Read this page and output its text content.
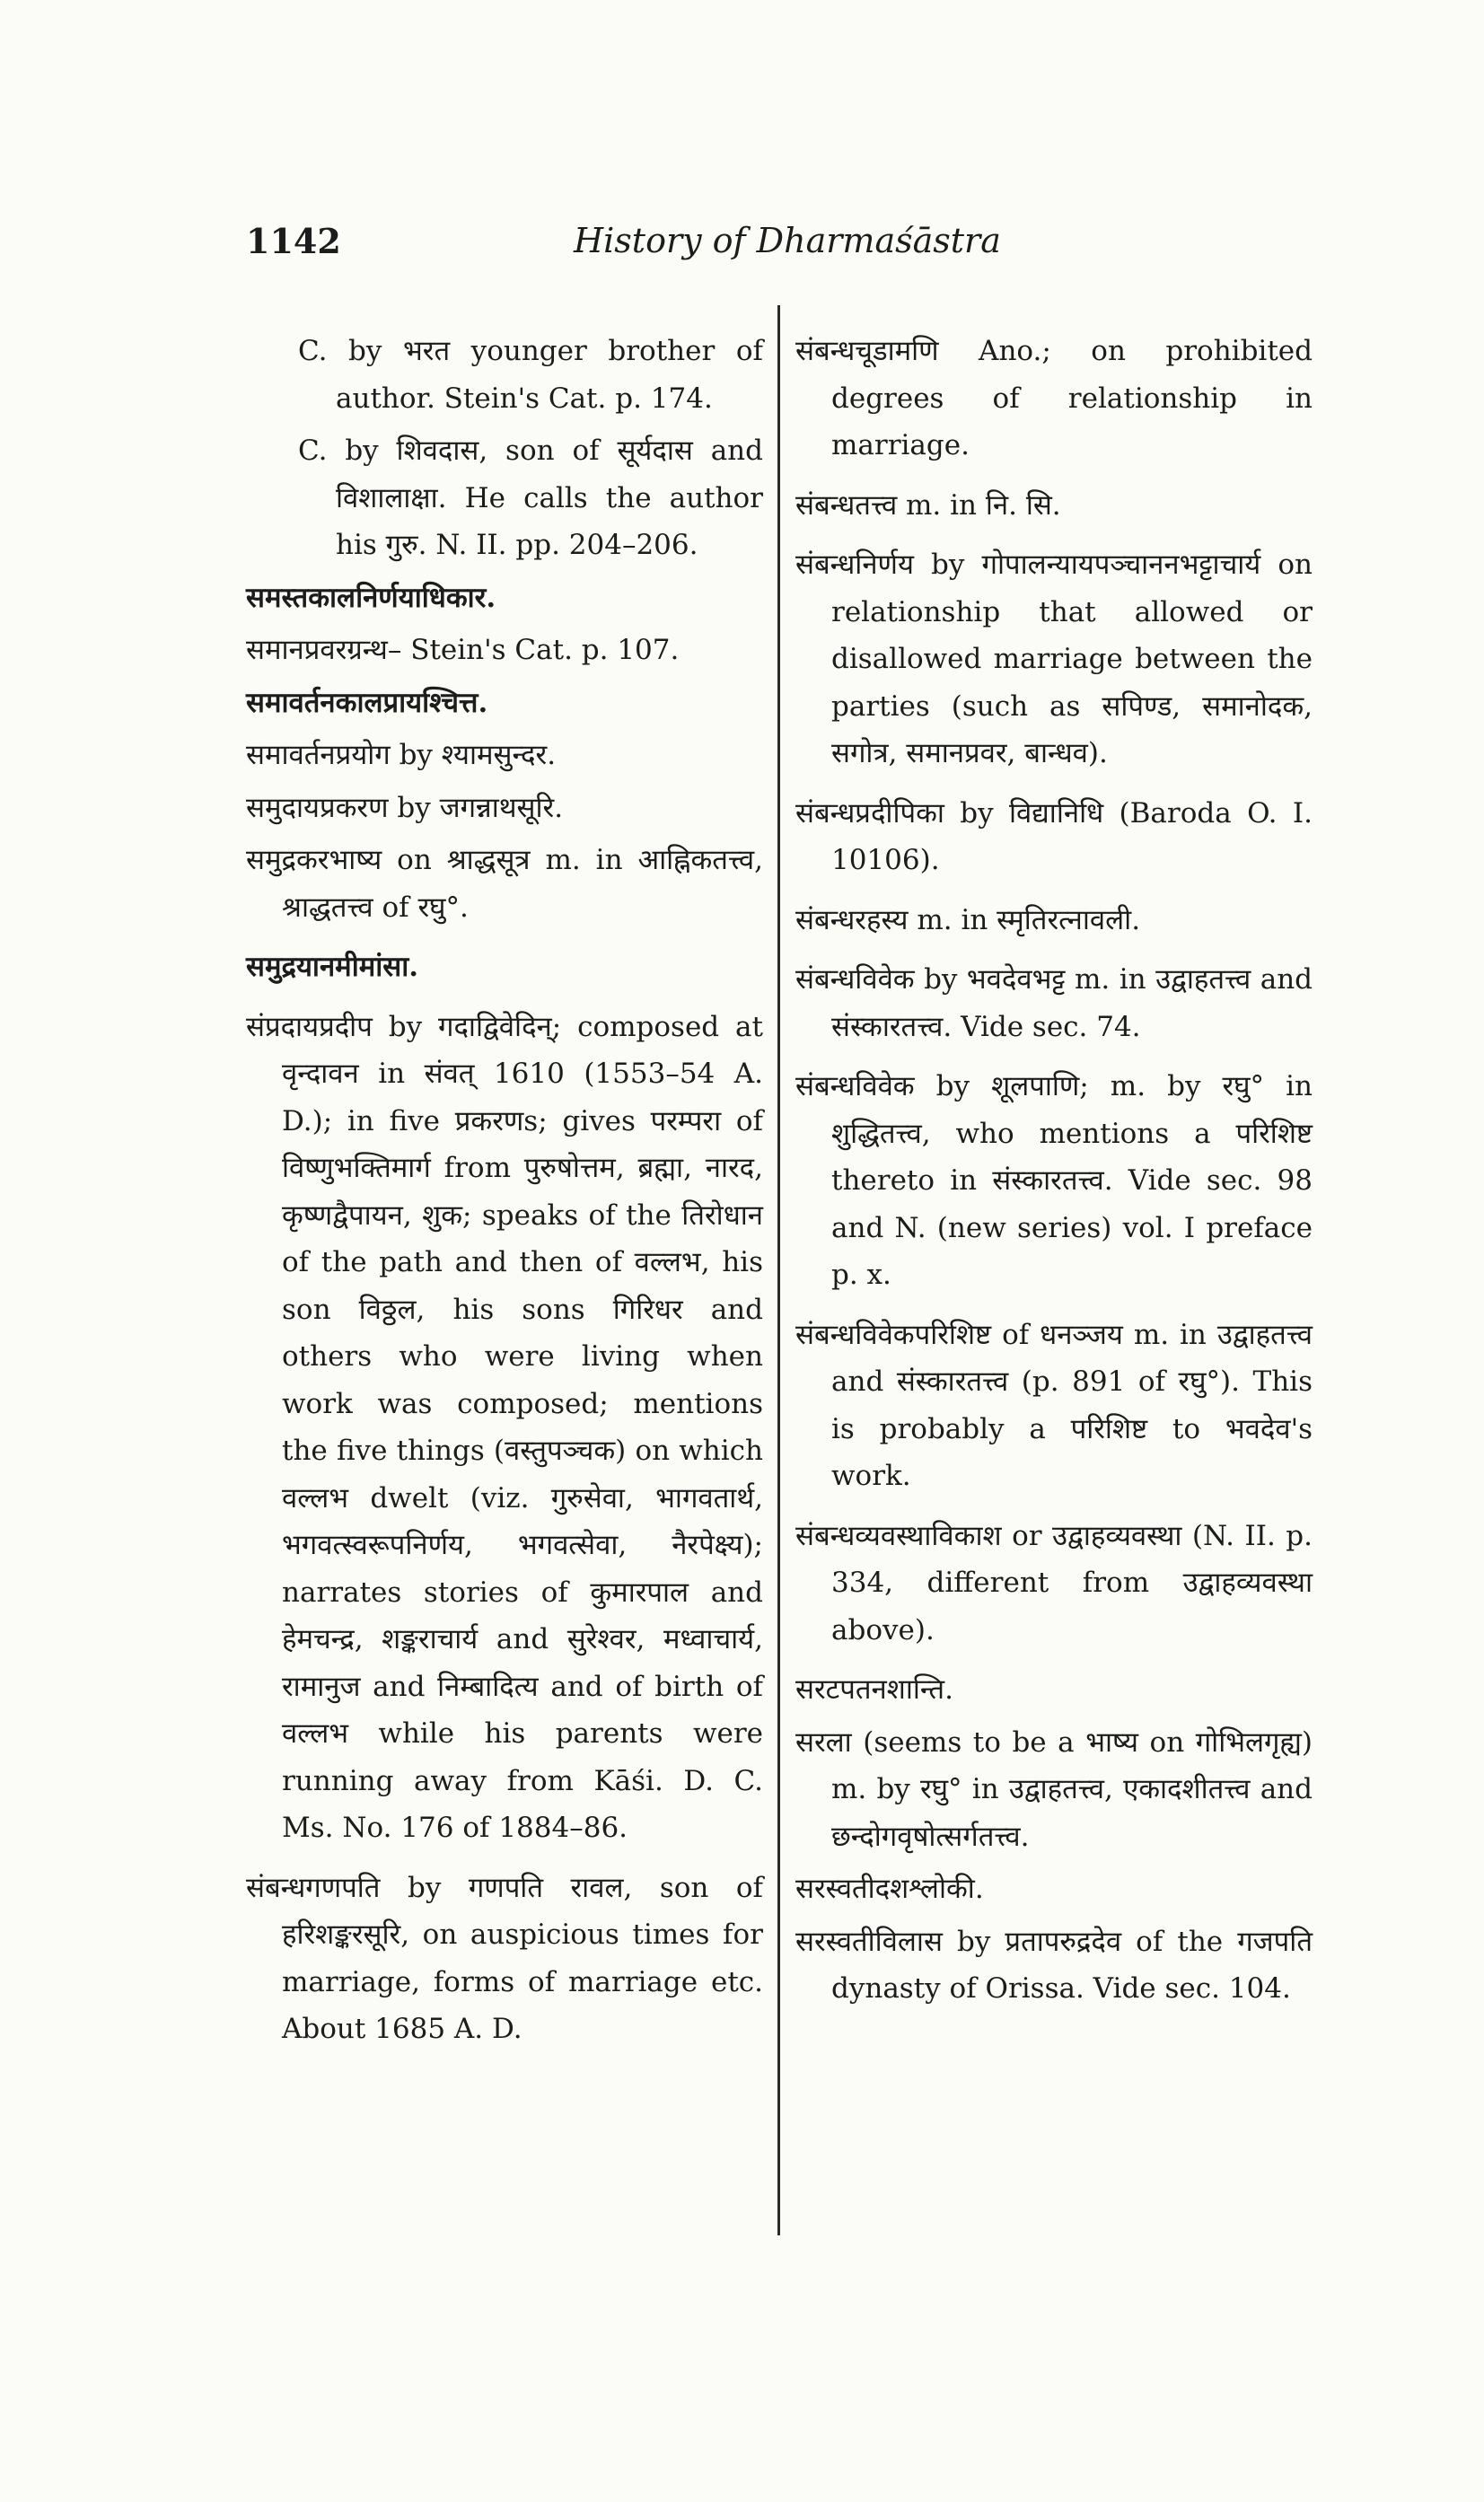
1142	History of Dharmaśāstra

C. by भरत younger brother of author. Stein's Cat. p. 174.

C. by शिवदास, son of सूर्यदास and विशालाक्षा. He calls the author his गुरु. N. II. pp. 204–206.

समस्तकालनिर्णयाधिकार.

समानप्रवरग्रन्थ– Stein's Cat. p. 107.

समावर्तनकालप्रायश्चित्त.

समावर्तनप्रयोग by श्यामसुन्दर.

समुदायप्रकरण by जगन्नाथसूरि.

समुद्रकरभाष्य on श्राद्धसूत्र m. in आह्निकतत्त्व, श्राद्धतत्त्व of रघु°.

समुद्रयानमीमांसा.

संप्रदायप्रदीप by गदाद्विवेदिन्; composed at वृन्दावन in संवत् 1610 (1553–54 A. D.); in five प्रकरणs; gives परम्परा of विष्णुभक्तिमार्ग from पुरुषोत्तम, ब्रह्मा, नारद, कृष्णद्वैपायन, शुक; speaks of the तिरोधान of the path and then of वल्लभ, his son विठ्ठल, his sons गिरिधर and others who were living when work was composed; mentions the five things (वस्तुपञ्चक) on which वल्लभ dwelt (viz. गुरुसेवा, भागवतार्थ, भगवत्स्वरूपनिर्णय, भगवत्सेवा, नैरपेक्ष्य); narrates stories of कुमारपाल and हेमचन्द्र, शङ्कराचार्य and सुरेश्वर, मध्वाचार्य, रामानुज and निम्बादित्य and of birth of वल्लभ while his parents were running away from Kāśi. D. C. Ms. No. 176 of 1884–86.

संबन्धगणपति by गणपति रावल, son of हरिशङ्करसूरि, on auspicious times for marriage, forms of marriage etc. About 1685 A. D.

संबन्धचूडामणि Ano.; on prohibited degrees of relationship in marriage.

संबन्धतत्त्व m. in नि. सि.

संबन्धनिर्णय by गोपालन्यायपञ्चाननभट्टाचार्य on relationship that allowed or disallowed marriage between the parties (such as सपिण्ड, समानोदक, सगोत्र, समानप्रवर, बान्धव).

संबन्धप्रदीपिका by विद्यानिधि (Baroda O. I. 10106).

संबन्धरहस्य m. in स्मृतिरत्नावली.

संबन्धविवेक by भवदेवभट्ट m. in उद्वाहतत्त्व and संस्कारतत्त्व. Vide sec. 74.

संबन्धविवेक by शूलपाणि; m. by रघु° in शुद्धितत्त्व, who mentions a परिशिष्ट thereto in संस्कारतत्त्व. Vide sec. 98 and N. (new series) vol. I preface p. x.

संबन्धविवेकपरिशिष्ट of धनञ्जय m. in उद्वाहतत्त्व and संस्कारतत्त्व (p. 891 of रघु°). This is probably a परिशिष्ट to भवदेव's work.

संबन्धव्यवस्थाविकाश or उद्वाहव्यवस्था (N. II. p. 334, different from उद्वाहव्यवस्था above).

सरटपतनशान्ति.

सरला (seems to be a भाष्य on गोभिलगृह्य) m. by रघु° in उद्वाहतत्त्व, एकादशीतत्त्व and छन्दोगवृषोत्सर्गतत्त्व.

सरस्वतीदशश्लोकी.

सरस्वतीविलास by प्रतापरुद्रदेव of the गजपति dynasty of Orissa. Vide sec. 104.
